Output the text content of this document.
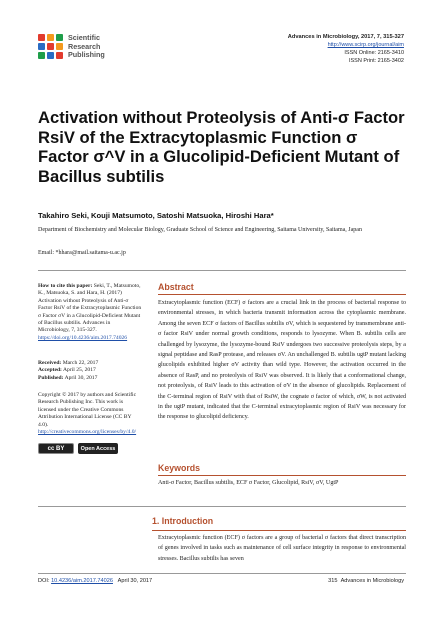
Scientific
Research
Publishing
Advances in Microbiology, 2017, 7, 315-327
http://www.scirp.org/journal/aim
ISSN Online: 2165-3410
ISSN Print: 2165-3402
Activation without Proteolysis of Anti-σ Factor RsiV of the Extracytoplasmic Function σ Factor σ^V in a Glucolipid-Deficient Mutant of Bacillus subtilis
Takahiro Seki, Kouji Matsumoto, Satoshi Matsuoka, Hiroshi Hara*
Department of Biochemistry and Molecular Biology, Graduate School of Science and Engineering, Saitama University, Saitama, Japan
Email: *hhara@mail.saitama-u.ac.jp
How to cite this paper: Seki, T., Matsumoto, K., Matsuoka, S. and Hara, H. (2017) Activation without Proteolysis of Anti-σ Factor RsiV of the Extracytoplasmic Function σ Factor σV in a Glucolipid-Deficient Mutant of Bacillus subtilis. Advances in Microbiology, 7, 315-327. https://doi.org/10.4236/aim.2017.74026
Received: March 22, 2017
Accepted: April 25, 2017
Published: April 30, 2017
Copyright © 2017 by authors and Scientific Research Publishing Inc. This work is licensed under the Creative Commons Attribution International License (CC BY 4.0).
http://creativecommons.org/licenses/by/4.0/
cc BY	Open Access
Abstract
Extracytoplasmic function (ECF) σ factors are a crucial link in the process of bacterial response to environmental stresses, in which bacteria transmit information across the cytoplasmic membrane. Among the seven ECF σ factors of Bacillus subtilis σV, which is sequestered by transmembrane anti-σ factor RsiV under normal growth conditions, responds to lysozyme. When B. subtilis cells are challenged by lysozyme, the lysozyme-bound RsiV undergoes two successive proteolysis steps, by a signal peptidase and RasP protease, and releases σV. An unchallenged B. subtilis ugtP mutant lacking glucolipids exhibited higher σV activity than wild type. However, the activation occurred in the absence of RasP, and no proteolysis of RsiV was observed. It is likely that a conformational change, not proteolysis, of RsiV leads to this activation of σV in the absence of glucolipids. Replacement of the C-terminal region of RsiV with that of RsiW, the cognate σ factor of which, σW, is not activated in the ugtP mutant, indicated that the C-terminal extracytoplasmic region of RsiV was necessary for the response to glucolipid deficiency.
Keywords
Anti-σ Factor, Bacillus subtilis, ECF σ Factor, Glucolipid, RsiV, σV, UgtP
1. Introduction
Extracytoplasmic function (ECF) σ factors are a group of bacterial σ factors that direct transcription of genes involved in tasks such as maintenance of cell surface integrity in response to environmental stresses. Bacillus subtilis has seven
DOI: 10.4236/aim.2017.74026 April 30, 2017	315 Advances in Microbiology
